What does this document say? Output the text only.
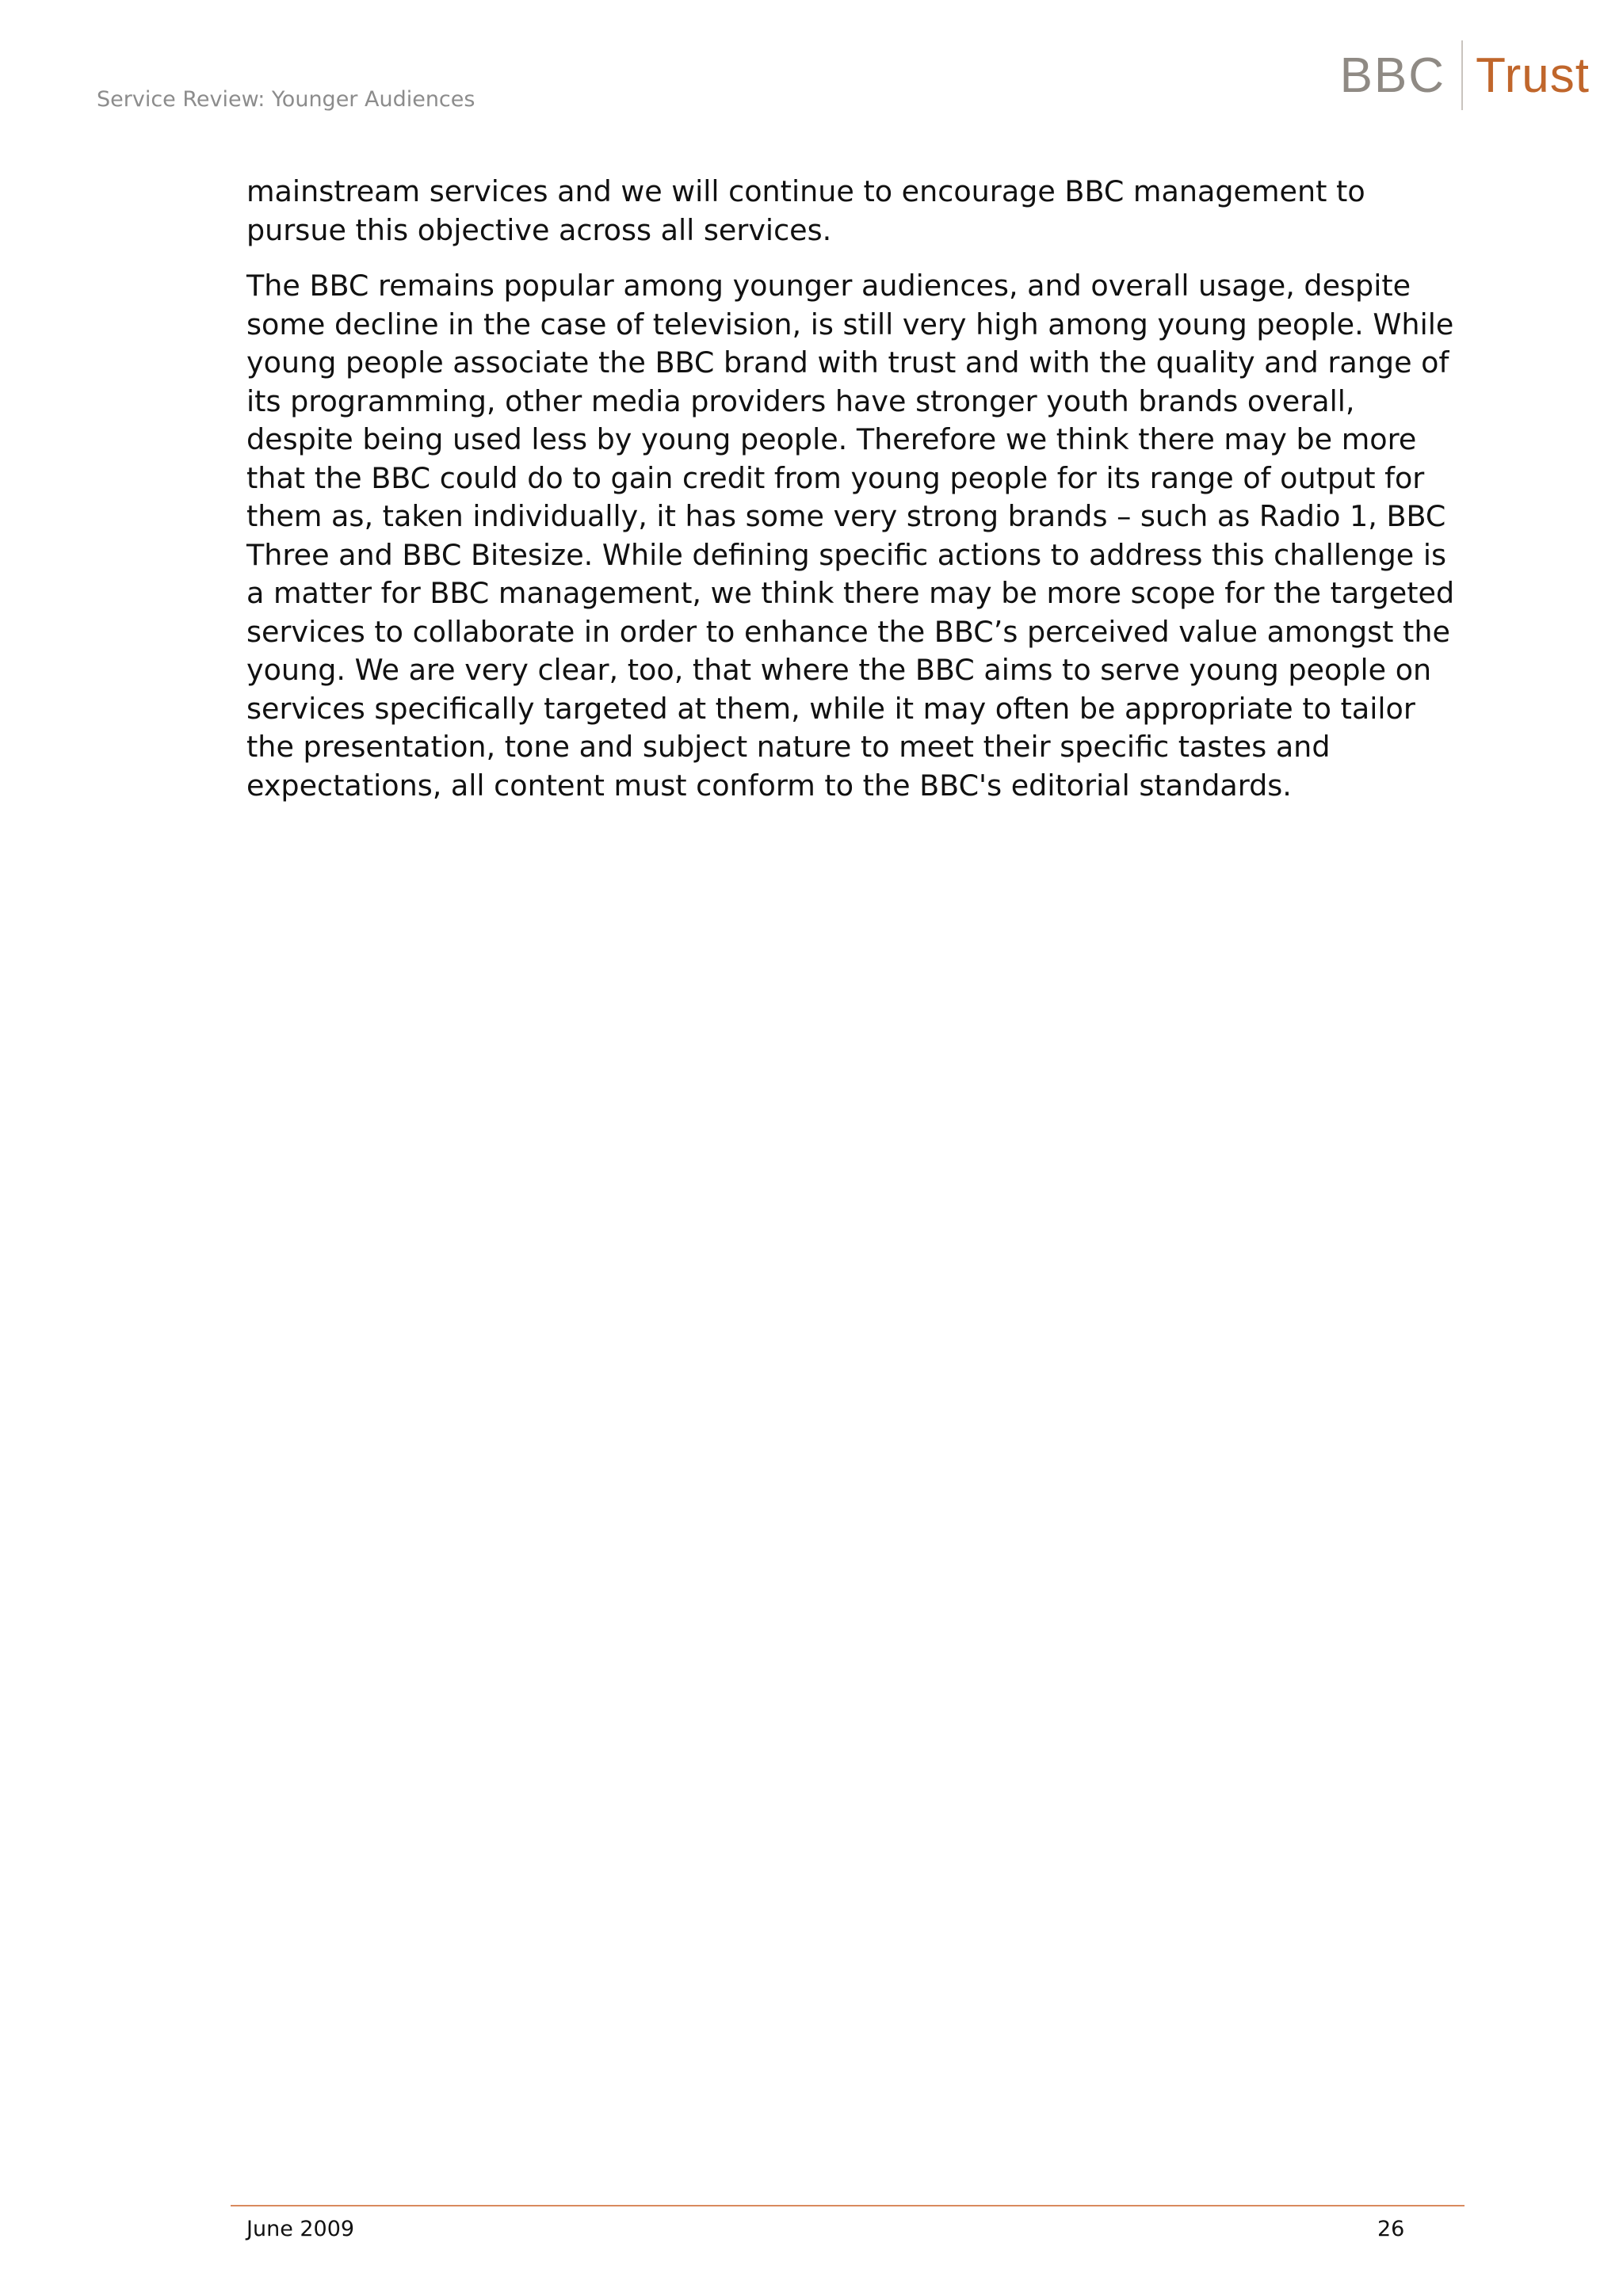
Service Review: Younger Audiences	BBC Trust

mainstream services and we will continue to encourage BBC management to pursue this objective across all services.

The BBC remains popular among younger audiences, and overall usage, despite some decline in the case of television, is still very high among young people. While young people associate the BBC brand with trust and with the quality and range of its programming, other media providers have stronger youth brands overall, despite being used less by young people. Therefore we think there may be more that the BBC could do to gain credit from young people for its range of output for them as, taken individually, it has some very strong brands – such as Radio 1, BBC Three and BBC Bitesize. While defining specific actions to address this challenge is a matter for BBC management, we think there may be more scope for the targeted services to collaborate in order to enhance the BBC’s perceived value amongst the young. We are very clear, too, that where the BBC aims to serve young people on services specifically targeted at them, while it may often be appropriate to tailor the presentation, tone and subject nature to meet their specific tastes and expectations, all content must conform to the BBC's editorial standards.

June 2009	26
